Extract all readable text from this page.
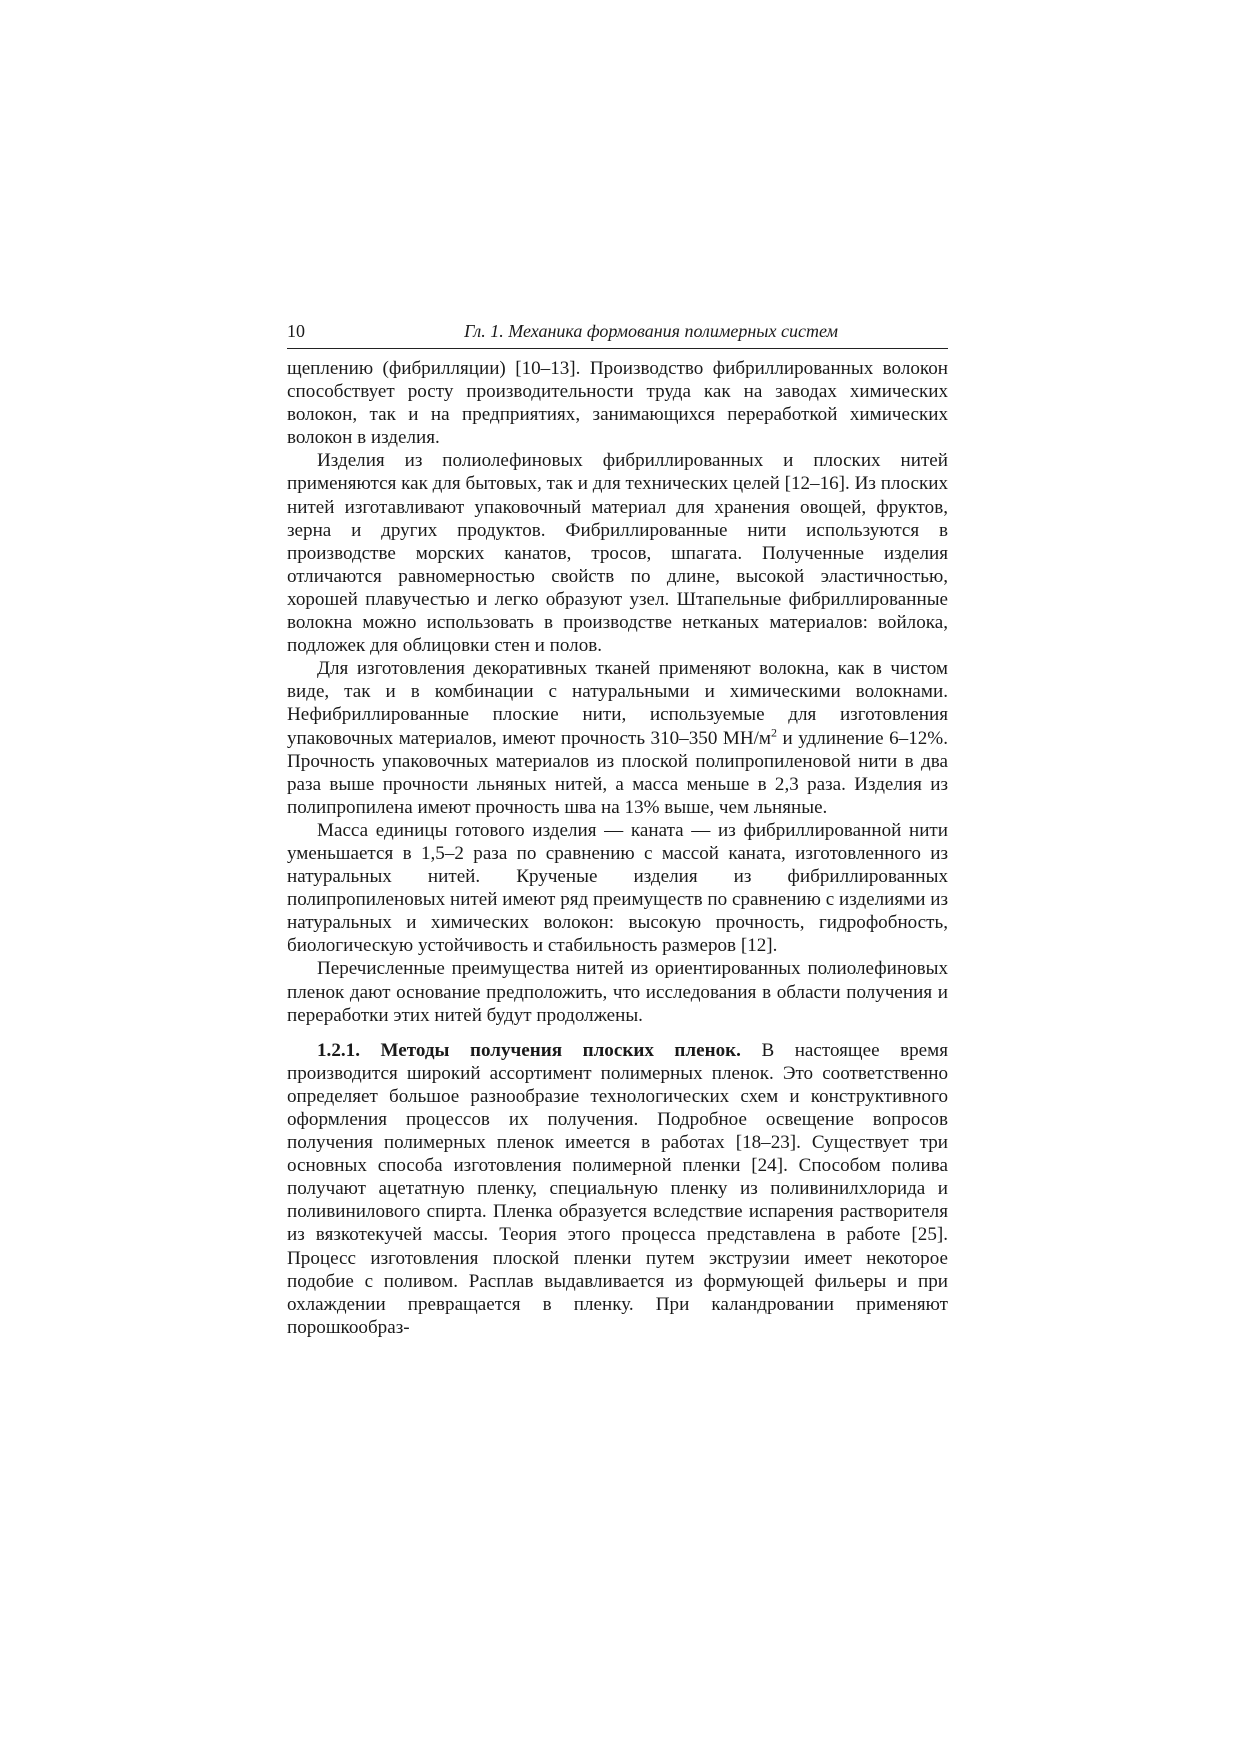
10	Гл. 1. Механика формования полимерных систем

щеплению (фибрилляции) [10–13]. Производство фибриллированных волокон способствует росту производительности труда как на заводах химических волокон, так и на предприятиях, занимающихся переработкой химических волокон в изделия.

Изделия из полиолефиновых фибриллированных и плоских нитей применяются как для бытовых, так и для технических целей [12–16]. Из плоских нитей изготавливают упаковочный материал для хранения овощей, фруктов, зерна и других продуктов. Фибриллированные нити используются в производстве морских канатов, тросов, шпагата. Полученные изделия отличаются равномерностью свойств по длине, высокой эластичностью, хорошей плавучестью и легко образуют узел. Штапельные фибриллированные волокна можно использовать в производстве нетканых материалов: войлока, подложек для облицовки стен и полов.

Для изготовления декоративных тканей применяют волокна, как в чистом виде, так и в комбинации с натуральными и химическими волокнами. Нефибриллированные плоские нити, используемые для изготовления упаковочных материалов, имеют прочность 310–350 $МН/м^2$ и удлинение 6–12%. Прочность упаковочных материалов из плоской полипропиленовой нити в два раза выше прочности льняных нитей, а масса меньше в 2,3 раза. Изделия из полипропилена имеют прочность шва на 13% выше, чем льняные.

Масса единицы готового изделия — каната — из фибриллированной нити уменьшается в 1,5–2 раза по сравнению с массой каната, изготовленного из натуральных нитей. Крученые изделия из фибриллированных полипропиленовых нитей имеют ряд преимуществ по сравнению с изделиями из натуральных и химических волокон: высокую прочность, гидрофобность, биологическую устойчивость и стабильность размеров [12].

Перечисленные преимущества нитей из ориентированных полиолефиновых пленок дают основание предположить, что исследования в области получения и переработки этих нитей будут продолжены.

1.2.1. Методы получения плоских пленок. В настоящее время производится широкий ассортимент полимерных пленок. Это соответственно определяет большое разнообразие технологических схем и конструктивного оформления процессов их получения. Подробное освещение вопросов получения полимерных пленок имеется в работах [18–23]. Существует три основных способа изготовления полимерной пленки [24]. Способом полива получают ацетатную пленку, специальную пленку из поливинилхлорида и поливинилового спирта. Пленка образуется вследствие испарения растворителя из вязкотекучей массы. Теория этого процесса представлена в работе [25]. Процесс изготовления плоской пленки путем экструзии имеет некоторое подобие с поливом. Расплав выдавливается из формующей фильеры и при охлаждении превращается в пленку. При каландровании применяют порошкообраз-
